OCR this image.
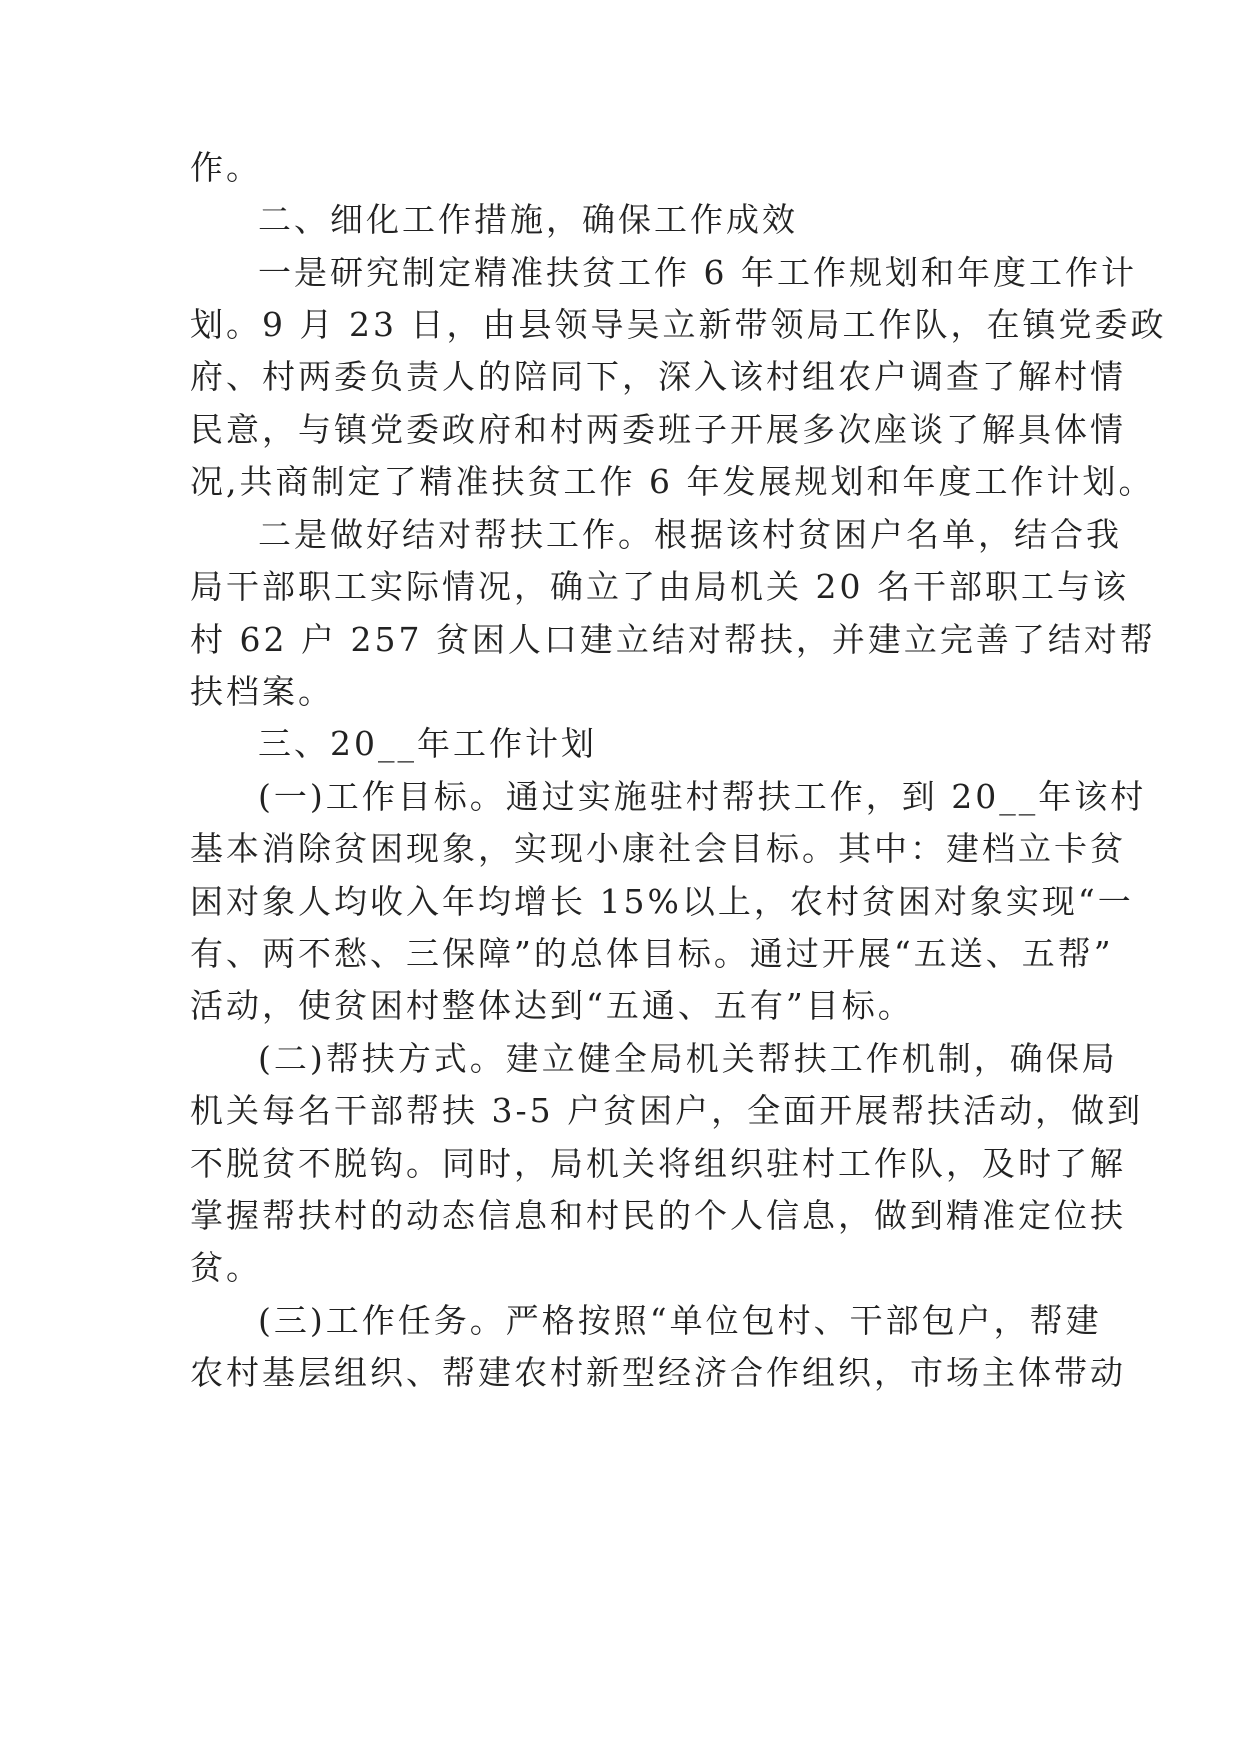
作。
二、细化工作措施，确保工作成效
一是研究制定精准扶贫工作 6 年工作规划和年度工作计
划。9 月 23 日，由县领导吴立新带领局工作队，在镇党委政
府、村两委负责人的陪同下，深入该村组农户调查了解村情
民意，与镇党委政府和村两委班子开展多次座谈了解具体情
况,共商制定了精准扶贫工作 6 年发展规划和年度工作计划。
二是做好结对帮扶工作。根据该村贫困户名单，结合我
局干部职工实际情况，确立了由局机关 20 名干部职工与该
村 62 户 257 贫困人口建立结对帮扶，并建立完善了结对帮
扶档案。
三、20__年工作计划
(一)工作目标。通过实施驻村帮扶工作，到 20__年该村
基本消除贫困现象，实现小康社会目标。其中：建档立卡贫
困对象人均收入年均增长 15%以上，农村贫困对象实现“一
有、两不愁、三保障”的总体目标。通过开展“五送、五帮”
活动，使贫困村整体达到“五通、五有”目标。
(二)帮扶方式。建立健全局机关帮扶工作机制，确保局
机关每名干部帮扶 3-5 户贫困户，全面开展帮扶活动，做到
不脱贫不脱钩。同时，局机关将组织驻村工作队，及时了解
掌握帮扶村的动态信息和村民的个人信息，做到精准定位扶
贫。
(三)工作任务。严格按照“单位包村、干部包户，帮建
农村基层组织、帮建农村新型经济合作组织，市场主体带动
